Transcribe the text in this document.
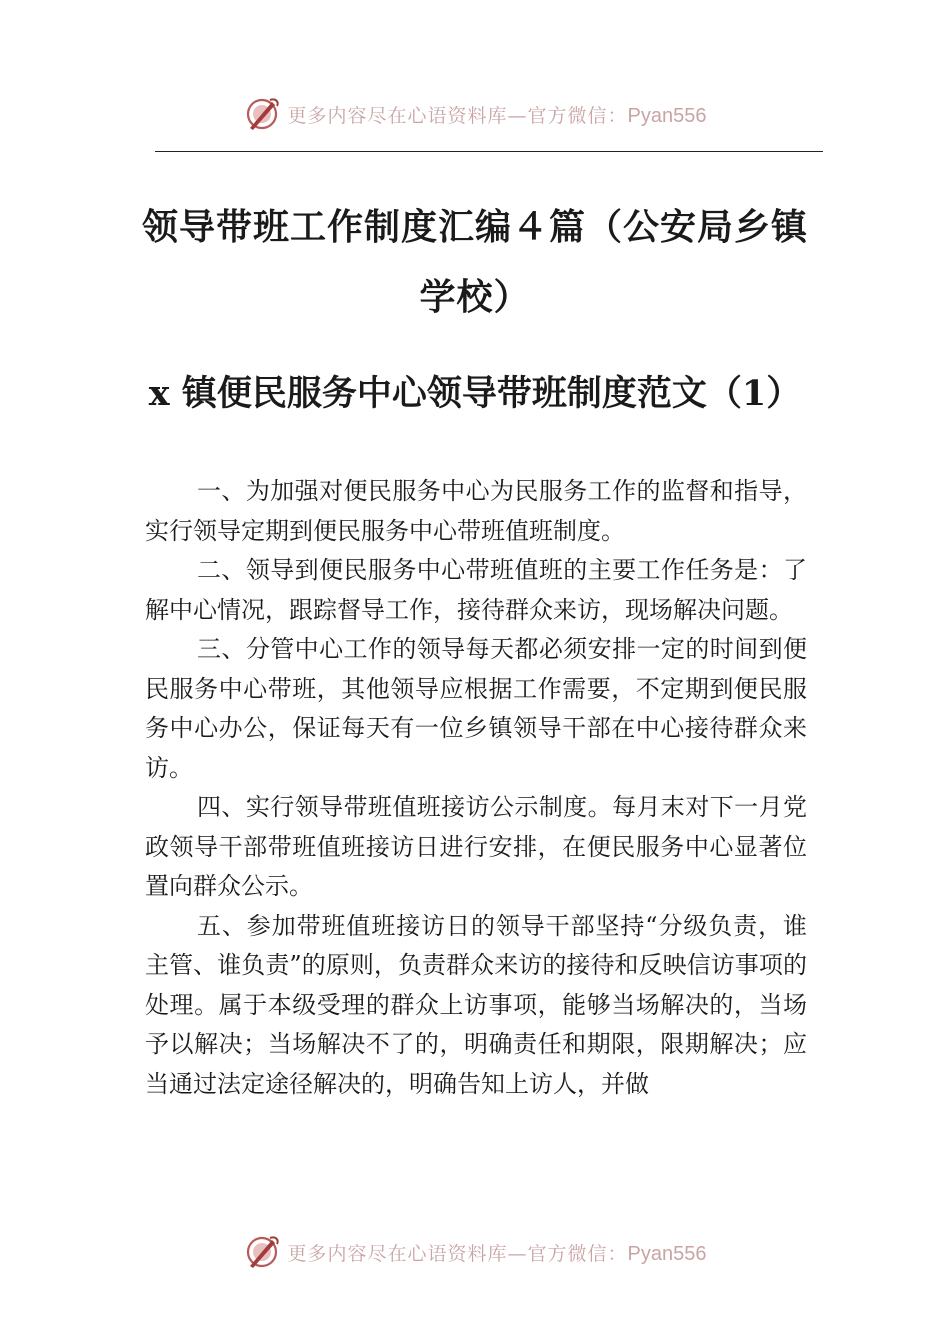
更多内容尽在心语资料库—官方微信：Pyan556
领导带班工作制度汇编４篇（公安局乡镇学校）
x 镇便民服务中心领导带班制度范文（1）

一、为加强对便民服务中心为民服务工作的监督和指导，实行领导定期到便民服务中心带班值班制度。

二、领导到便民服务中心带班值班的主要工作任务是：了解中心情况，跟踪督导工作，接待群众来访，现场解决问题。

三、分管中心工作的领导每天都必须安排一定的时间到便民服务中心带班，其他领导应根据工作需要，不定期到便民服务中心办公，保证每天有一位乡镇领导干部在中心接待群众来访。

四、实行领导带班值班接访公示制度。每月末对下一月党政领导干部带班值班接访日进行安排，在便民服务中心显著位置向群众公示。

五、参加带班值班接访日的领导干部坚持“分级负责，谁主管、谁负责”的原则，负责群众来访的接待和反映信访事项的处理。属于本级受理的群众上访事项，能够当场解决的，当场予以解决；当场解决不了的，明确责任和期限，限期解决；应当通过法定途径解决的，明确告知上访人，并做

更多内容尽在心语资料库—官方微信：Pyan556
